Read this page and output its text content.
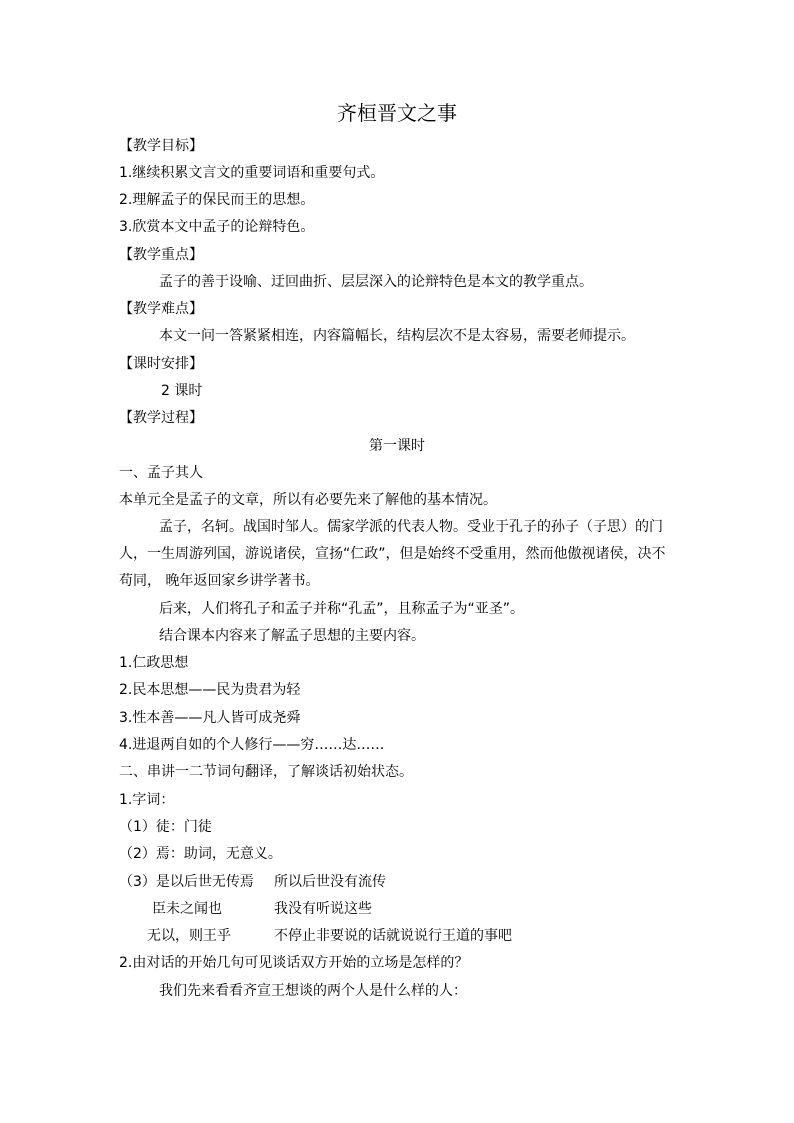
齐桓晋文之事
【教学目标】
1.继续积累文言文的重要词语和重要句式。
2.理解孟子的保民而王的思想。
3.欣赏本文中孟子的论辩特色。
【教学重点】
孟子的善于设喻、迂回曲折、层层深入的论辩特色是本文的教学重点。
【教学难点】
本文一问一答紧紧相连，内容篇幅长，结构层次不是太容易，需要老师提示。
【课时安排】
2 课时
【教学过程】
第一课时
一、孟子其人
本单元全是孟子的文章，所以有必要先来了解他的基本情况。
孟子，名轲。战国时邹人。儒家学派的代表人物。受业于孔子的孙子（子思）的门
人，一生周游列国，游说诸侯，宣扬“仁政”，但是始终不受重用，然而他傲视诸侯，决不
苟同， 晚年返回家乡讲学著书。
后来，人们将孔子和孟子并称“孔孟”，且称孟子为“亚圣”。
结合课本内容来了解孟子思想的主要内容。
1.仁政思想
2.民本思想——民为贵君为轻
3.性本善——凡人皆可成尧舜
4.进退两自如的个人修行——穷……达……
二、串讲一二节词句翻译，了解谈话初始状态。
1.字词：
（1）徒：门徒
（2）焉：助词，无意义。
（3）是以后世无传焉 所以后世没有流传
臣未之闻也	我没有听说这些
无以，则王乎	不停止非要说的话就说说行王道的事吧
2.由对话的开始几句可见谈话双方开始的立场是怎样的？
我们先来看看齐宣王想谈的两个人是什么样的人：
